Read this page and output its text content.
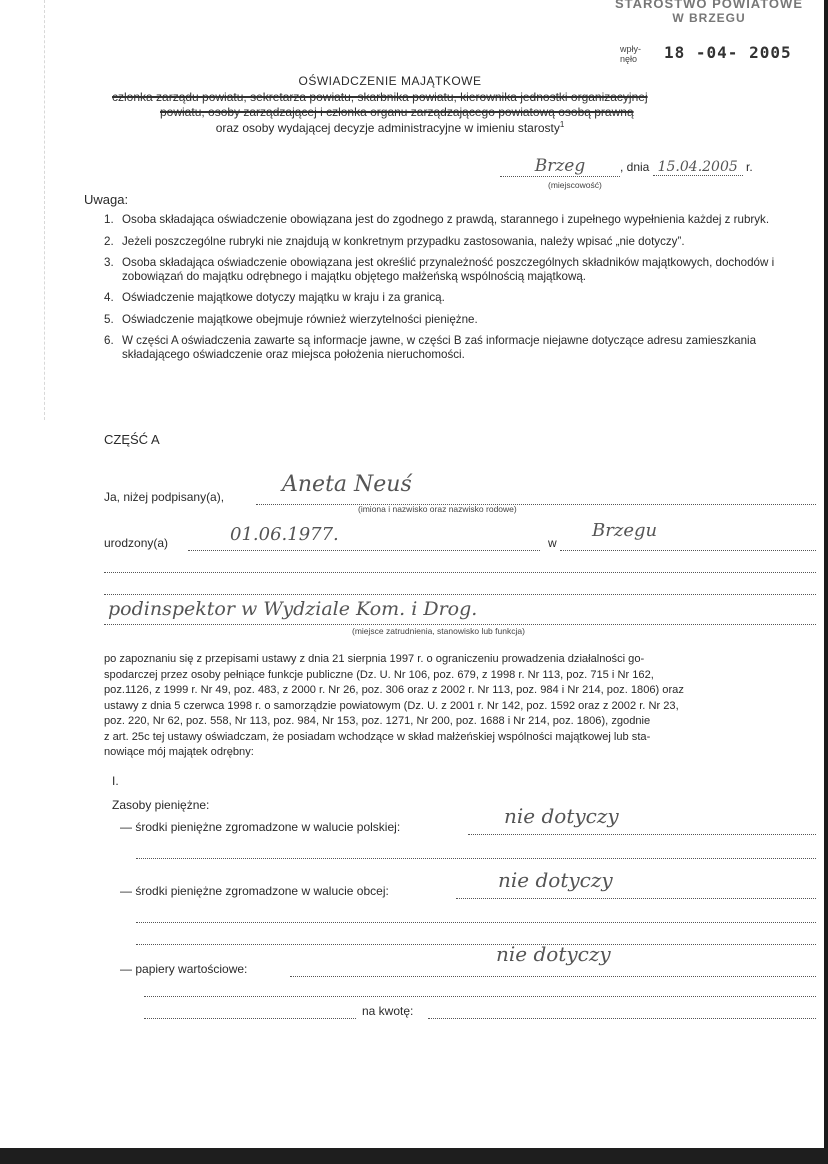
STAROSTWO POWIATOWE
W BRZEGU
wpły-
nęło 18 -04- 2005
OŚWIADCZENIE MAJĄTKOWE
członka zarządu powiatu, sekretarza powiatu, skarbnika powiatu, kierownika jednostki organizacyjnej
powiatu, osoby zarządzającej i członka organu zarządzającego powiatową osobą prawną
oraz osoby wydającej decyzje administracyjne w imieniu starosty$^1$
Brzeg	, dnia 15.04.2005 r.
(miejscowość)
Uwaga:
1. Osoba składająca oświadczenie obowiązana jest do zgodnego z prawdą, starannego i zupełnego wypełnienia każdej z rubryk.
2. Jeżeli poszczególne rubryki nie znajdują w konkretnym przypadku zastosowania, należy wpisać „nie dotyczy”.
3. Osoba składająca oświadczenie obowiązana jest określić przynależność poszczególnych składników majątkowych, dochodów i zobowiązań do majątku odrębnego i majątku objętego małżeńską wspólnością majątkową.
4. Oświadczenie majątkowe dotyczy majątku w kraju i za granicą.
5. Oświadczenie majątkowe obejmuje również wierzytelności pieniężne.
6. W części A oświadczenia zawarte są informacje jawne, w części B zaś informacje niejawne dotyczące adresu zamieszkania składającego oświadczenie oraz miejsca położenia nieruchomości.
CZĘŚĆ A
Ja, niżej podpisany(a),	Aneta Neuś
(imiona i nazwisko oraz nazwisko rodowe)
urodzony(a)	01.06.1977.	w
Brzegu
podinspektor w Wydziale Kom. i Drog.
(miejsce zatrudnienia, stanowisko lub funkcja)
po zapoznaniu się z przepisami ustawy z dnia 21 sierpnia 1997 r. o ograniczeniu prowadzenia działalności go-
spodarczej przez osoby pełniące funkcje publiczne (Dz. U. Nr 106, poz. 679, z 1998 r. Nr 113, poz. 715 i Nr 162,
poz.1126, z 1999 r. Nr 49, poz. 483, z 2000 r. Nr 26, poz. 306 oraz z 2002 r. Nr 113, poz. 984 i Nr 214, poz. 1806) oraz
ustawy z dnia 5 czerwca 1998 r. o samorządzie powiatowym (Dz. U. z 2001 r. Nr 142, poz. 1592 oraz z 2002 r. Nr 23,
poz. 220, Nr 62, poz. 558, Nr 113, poz. 984, Nr 153, poz. 1271, Nr 200, poz. 1688 i Nr 214, poz. 1806), zgodnie
z art. 25c tej ustawy oświadczam, że posiadam wchodzące w skład małżeńskiej wspólności majątkowej lub sta-
nowiące mój majątek odrębny:
I.
Zasoby pieniężne:
— środki pieniężne zgromadzone w walucie polskiej:	nie dotyczy
— środki pieniężne zgromadzone w walucie obcej:	nie dotyczy
— papiery wartościowe:
nie dotyczy
na kwotę:
